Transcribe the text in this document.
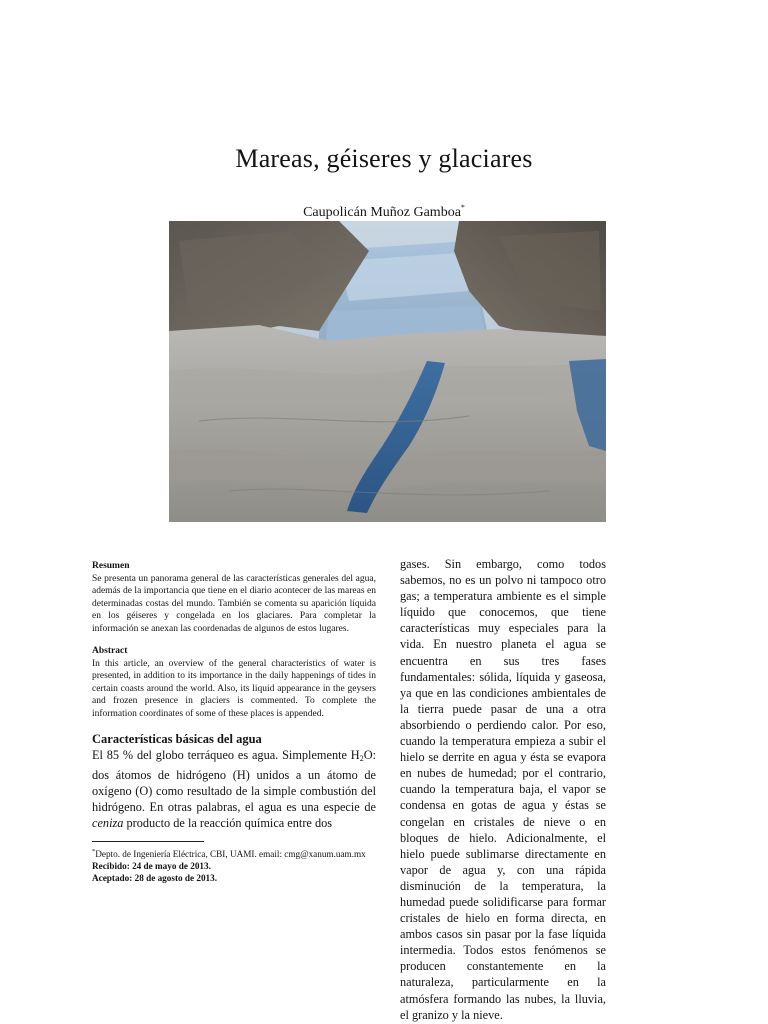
Mareas, géiseres y glaciares
Caupolicán Muñoz Gamboa*

Resumen

Se presenta un panorama general de las características generales del agua, además de la importancia que tiene en el diario acontecer de las mareas en determinadas costas del mundo. También se comenta su aparición líquida en los géiseres y congelada en los glaciares. Para completar la información se anexan las coordenadas de algunos de estos lugares.

Abstract

In this article, an overview of the general characteristics of water is presented, in addition to its importance in the daily happenings of tides in certain coasts around the world. Also, its liquid appearance in the geysers and frozen presence in glaciers is commented. To complete the information coordinates of some of these places is appended.

Características básicas del agua

El 85 % del globo terráqueo es agua. Simplemente $H_2O$: dos átomos de hidrógeno (H) unidos a un átomo de oxígeno (O) como resultado de la simple combustión del hidrógeno. En otras palabras, el agua es una especie de ceniza producto de la reacción química entre dos

*Depto. de Ingeniería Eléctrica, CBI, UAMI. email: cmg@xanum.uam.mx

Recibido: 24 de mayo de 2013.

Aceptado: 28 de agosto de 2013.

gases. Sin embargo, como todos sabemos, no es un polvo ni tampoco otro gas; a temperatura ambiente es el simple líquido que conocemos, que tiene características muy especiales para la vida. En nuestro planeta el agua se encuentra en sus tres fases fundamentales: sólida, líquida y gaseosa, ya que en las condiciones ambientales de la tierra puede pasar de una a otra absorbiendo o perdiendo calor. Por eso, cuando la temperatura empieza a subir el hielo se derrite en agua y ésta se evapora en nubes de humedad; por el contrario, cuando la temperatura baja, el vapor se condensa en gotas de agua y éstas se congelan en cristales de nieve o en bloques de hielo. Adicionalmente, el hielo puede sublimarse directamente en vapor de agua y, con una rápida disminución de la temperatura, la humedad puede solidificarse para formar cristales de hielo en forma directa, en ambos casos sin pasar por la fase líquida intermedia. Todos estos fenómenos se producen constantemente en la naturaleza, particularmente en la atmósfera formando las nubes, la lluvia, el granizo y la nieve.
